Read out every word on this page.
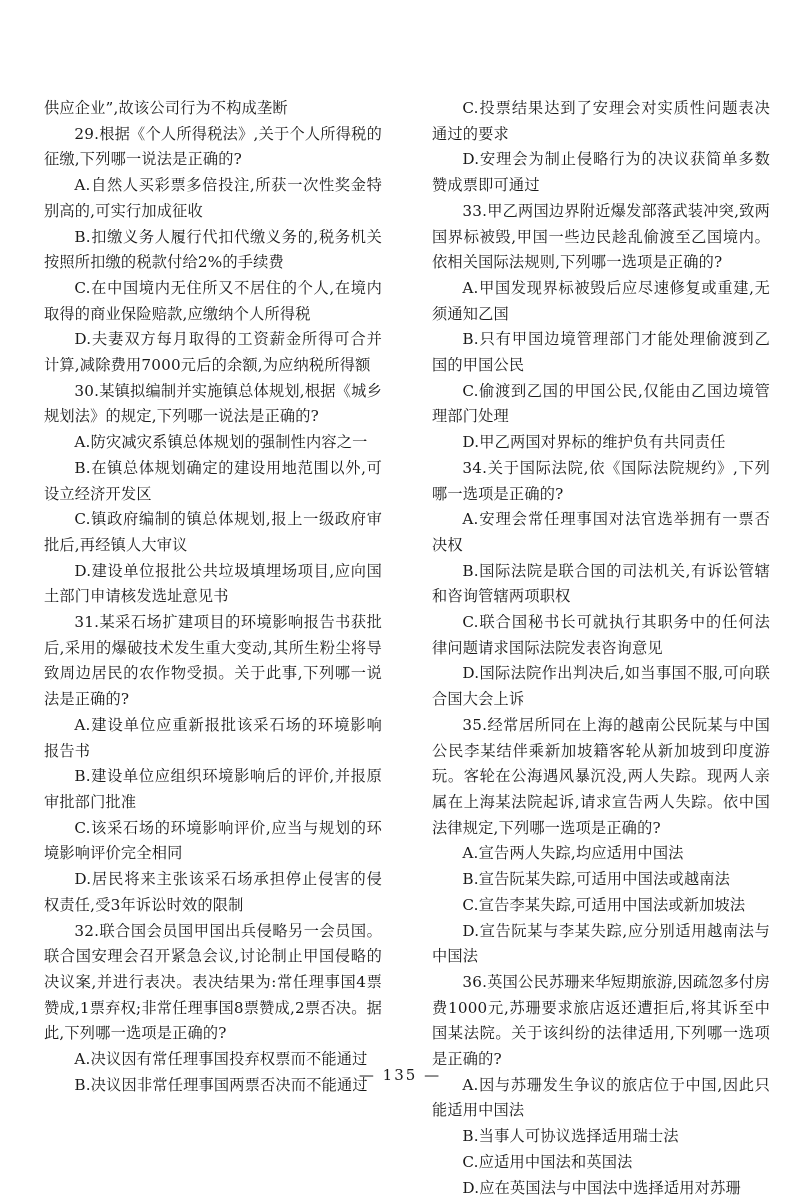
供应企业”,故该公司行为不构成垄断

29.根据《个人所得税法》,关于个人所得税的征缴,下列哪一说法是正确的?

A.自然人买彩票多倍投注,所获一次性奖金特别高的,可实行加成征收

B.扣缴义务人履行代扣代缴义务的,税务机关按照所扣缴的税款付给2%的手续费

C.在中国境内无住所又不居住的个人,在境内取得的商业保险赔款,应缴纳个人所得税

D.夫妻双方每月取得的工资薪金所得可合并计算,减除费用7000元后的余额,为应纳税所得额

30.某镇拟编制并实施镇总体规划,根据《城乡规划法》的规定,下列哪一说法是正确的?

A.防灾减灾系镇总体规划的强制性内容之一

B.在镇总体规划确定的建设用地范围以外,可设立经济开发区

C.镇政府编制的镇总体规划,报上一级政府审批后,再经镇人大审议

D.建设单位报批公共垃圾填埋场项目,应向国土部门申请核发选址意见书

31.某采石场扩建项目的环境影响报告书获批后,采用的爆破技术发生重大变动,其所生粉尘将导致周边居民的农作物受损。关于此事,下列哪一说法是正确的?

A.建设单位应重新报批该采石场的环境影响报告书

B.建设单位应组织环境影响后的评价,并报原审批部门批准

C.该采石场的环境影响评价,应当与规划的环境影响评价完全相同

D.居民将来主张该采石场承担停止侵害的侵权责任,受3年诉讼时效的限制

32.联合国会员国甲国出兵侵略另一会员国。联合国安理会召开紧急会议,讨论制止甲国侵略的决议案,并进行表决。表决结果为:常任理事国4票赞成,1票弃权;非常任理事国8票赞成,2票否决。据此,下列哪一选项是正确的?

A.决议因有常任理事国投弃权票而不能通过

B.决议因非常任理事国两票否决而不能通过

C.投票结果达到了安理会对实质性问题表决通过的要求

D.安理会为制止侵略行为的决议获简单多数赞成票即可通过

33.甲乙两国边界附近爆发部落武装冲突,致两国界标被毁,甲国一些边民趁乱偷渡至乙国境内。依相关国际法规则,下列哪一选项是正确的?

A.甲国发现界标被毁后应尽速修复或重建,无须通知乙国

B.只有甲国边境管理部门才能处理偷渡到乙国的甲国公民

C.偷渡到乙国的甲国公民,仅能由乙国边境管理部门处理

D.甲乙两国对界标的维护负有共同责任

34.关于国际法院,依《国际法院规约》,下列哪一选项是正确的?

A.安理会常任理事国对法官选举拥有一票否决权

B.国际法院是联合国的司法机关,有诉讼管辖和咨询管辖两项职权

C.联合国秘书长可就执行其职务中的任何法律问题请求国际法院发表咨询意见

D.国际法院作出判决后,如当事国不服,可向联合国大会上诉

35.经常居所同在上海的越南公民阮某与中国公民李某结伴乘新加坡籍客轮从新加坡到印度游玩。客轮在公海遇风暴沉没,两人失踪。现两人亲属在上海某法院起诉,请求宣告两人失踪。依中国法律规定,下列哪一选项是正确的?

A.宣告两人失踪,均应适用中国法

B.宣告阮某失踪,可适用中国法或越南法

C.宣告李某失踪,可适用中国法或新加坡法

D.宣告阮某与李某失踪,应分别适用越南法与中国法

36.英国公民苏珊来华短期旅游,因疏忽多付房费1000元,苏珊要求旅店返还遭拒后,将其诉至中国某法院。关于该纠纷的法律适用,下列哪一选项是正确的?

A.因与苏珊发生争议的旅店位于中国,因此只能适用中国法

B.当事人可协议选择适用瑞士法

C.应适用中国法和英国法

D.应在英国法与中国法中选择适用对苏珊

— 135 —
